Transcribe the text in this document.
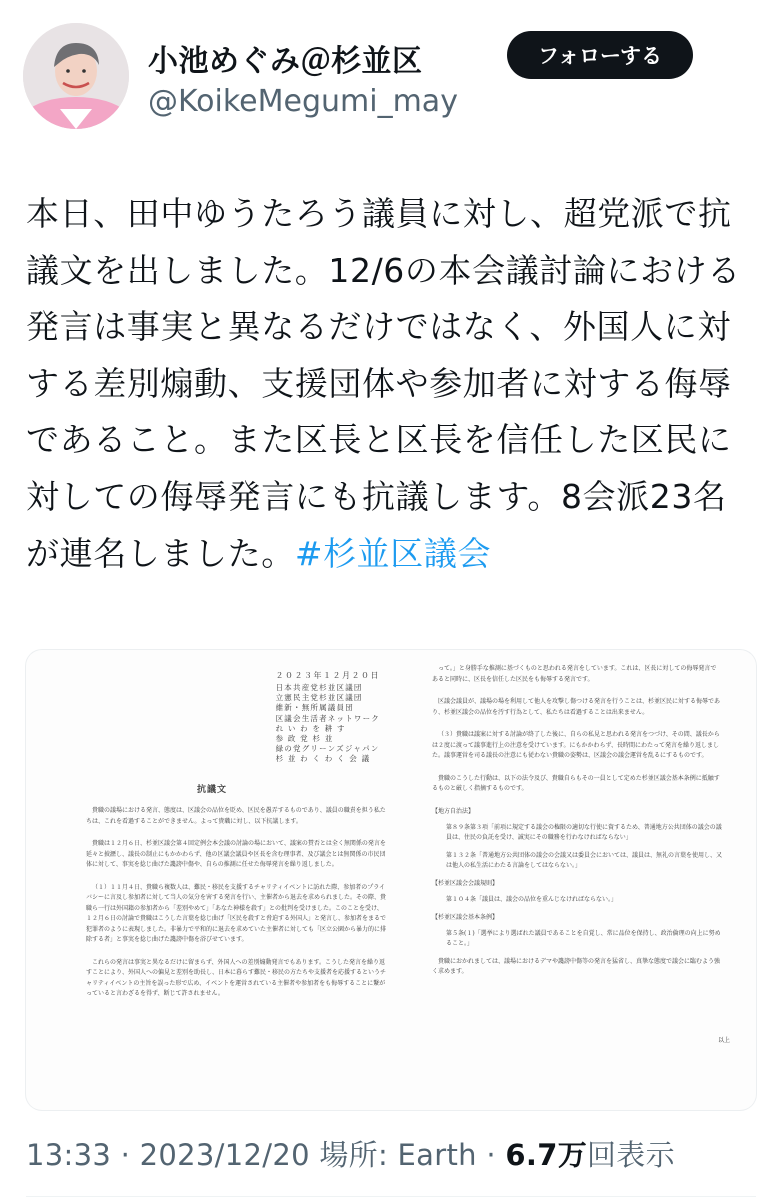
小池めぐみ＠杉並区
@KoikeMegumi_may
フォローする
本日、田中ゆうたろう議員に対し、超党派で抗議文を出しました。12/6の本会議討論における発言は事実と異なるだけではなく、外国人に対する差別煽動、支援団体や参加者に対する侮辱であること。また区長と区長を信任した区民に対しての侮辱発言にも抗議します。8会派23名が連名しました。#杉並区議会
２０２３年１２月２０日
日本共産党杉並区議団
立憲民主党杉並区議団
維新・無所属議員団
区議会生活者ネットワーク
れ い わ を 耕 す
参 政 党 杉 並
緑の党グリーンズジャパン
杉 並 わ く わ く 会 議
抗議文
貴職の議場における発言、態度は、区議会の品位を貶め、区民を愚弄するものであり、議員の職責を担う私たちは、これを看過することができません。よって貴職に対し、以下抗議します。
貴職は１２月６日、杉並区議会第４回定例会本会議の討論の場において、議案の賛否とは全く無関係の発言を延々と披瀝し、議長の制止にもかかわらず、他の区議会議員や区長を含む理事者、及び議会とは無関係の市民団体に対して、事実を捻じ曲げた讒謗中傷や、自らの推測に任せた侮辱発言を繰り返しました。
（１）１１月４日、貴職ら複数人は、難民・移民を支援するチャリティイベントに訪れた際、参加者のプライバシーに言及し参加者に対して当人の気分を害する発言を行い、主催者から退去を求められました。その際、貴職ら一行は外国籍の参加者から「差別やめて」「あなた神様を殺す」との批判を受けました。このことを受け、１２月６日の討論で貴職はこうした言葉を捻じ曲げ「区民を殺すと脅迫する外国人」と発言し、参加者をまるで犯罪者のように表現しました。非暴力で平和的に退去を求めていた主催者に対しても「区立公園から暴力的に排除する者」と事実を捻じ曲げた讒謗中傷を浴びせています。
これらの発言は事実と異なるだけに留まらず、外国人への差別煽動発言でもあります。こうした発言を繰り返すことにより、外国人への偏見と差別を助長し、日本に暮らす難民・移民の方たちや支援者を応援するというチャリティイベントの主旨を誤った形で広め、イベントを運営されている主催者や参加者をも侮辱することに繋がっていると言わざるを得ず、断じて許されません。
って。」と身勝手な推測に基づくものと思われる発言をしています。これは、区長に対しての侮辱発言であると同時に、区長を信任した区民をも侮辱する発言です。
区議会議員が、議場の場を利用して他人を攻撃し傷つける発言を行うことは、杉並区民に対する侮辱であり、杉並区議会の品位を汚す行為として、私たちは看過することは出来ません。
（３）貴職は議案に対する討論が終了した後に、自らの私見と思われる発言をつづけ、その間、議長からは２度に渡って議事進行上の注意を受けています。にもかかわらず、長時間にわたって発言を繰り返しました。議事運営を司る議長の注意にも従わない貴職の姿勢は、区議会の議会運営を乱るにするものです。
貴職のこうした行動は、以下の法令及び、貴職自らもその一員として定めた杉並区議会基本条例に抵触するものと厳しく指摘するものです。
【地方自治法】
第８９条第３項「前項に規定する議会の権限の適切な行使に資するため、普通地方公共団体の議会の議員は、住民の負託を受け、誠実にその職務を行わなければならない」
第１３２条「普通地方公共団体の議会の会議又は委員会においては、議員は、無礼の言葉を使用し、又は他人の私生活にわたる言論をしてはならない。」
【杉並区議会会議規則】
第１０４条「議員は、議会の品位を重んじなければならない。」
【杉並区議会基本条例】
第５条(１)「選挙により選ばれた議員であることを自覚し、常に品位を保持し、政治倫理の向上に努めること。」
貴職におかれましては、議場におけるデマや讒謗中傷等の発言を猛省し、真摯な態度で議会に臨むよう強く求めます。
以上
13:33 · 2023/12/20 場所: Earth · 6.7万回表示
